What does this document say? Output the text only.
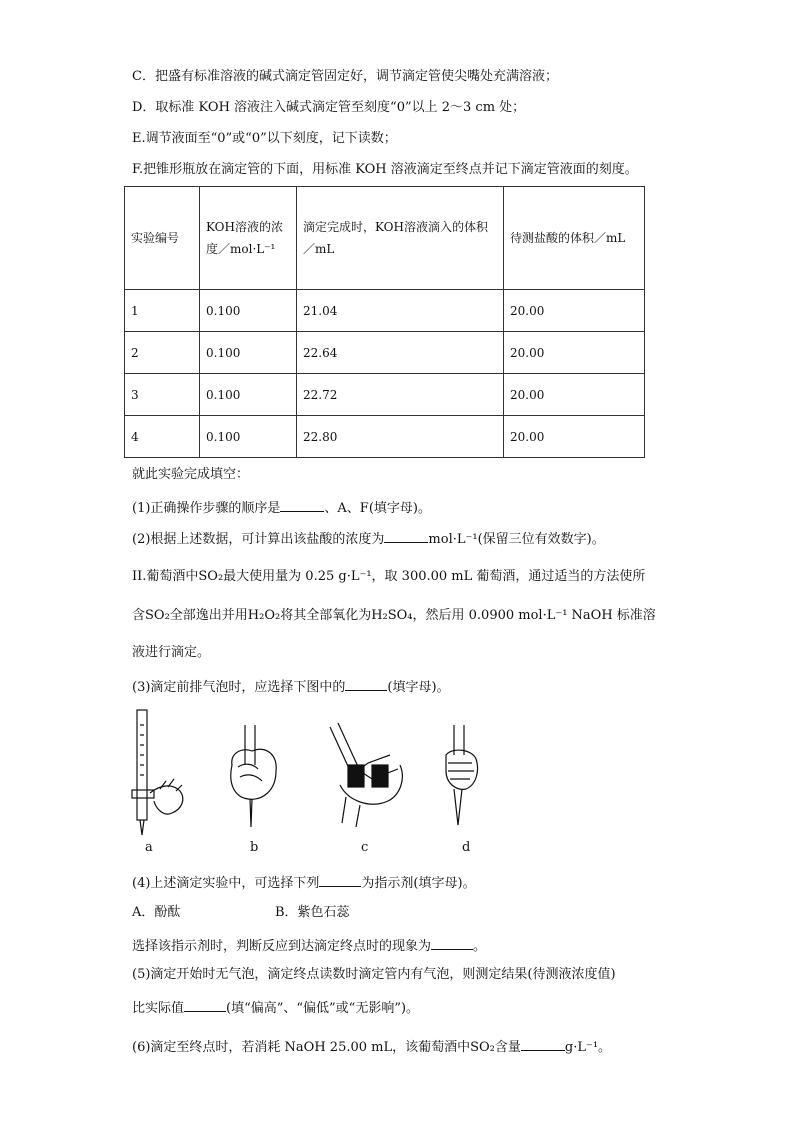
C．把盛有标准溶液的碱式滴定管固定好，调节滴定管使尖嘴处充满溶液；
D．取标准 KOH 溶液注入碱式滴定管至刻度“0”以上 2～3 cm 处；
E.调节液面至“0”或“0”以下刻度，记下读数；
F.把锥形瓶放在滴定管的下面，用标准 KOH 溶液滴定至终点并记下滴定管液面的刻度。
实验编号	KOH溶液的浓度／mol·L⁻¹	滴定完成时，KOH溶液滴入的体积／mL	待测盐酸的体积／mL
1	0.100	21.04	20.00
2	0.100	22.64	20.00
3	0.100	22.72	20.00
4	0.100	22.80	20.00
就此实验完成填空：
(1)正确操作步骤的顺序是	、A、F(填字母)。
(2)根据上述数据，可计算出该盐酸的浓度为	mol·L⁻¹(保留三位有效数字)。
II.葡萄酒中SO₂最大使用量为 0.25 g·L⁻¹，取 300.00 mL 葡萄酒，通过适当的方法使所
含SO₂全部逸出并用H₂O₂将其全部氧化为H₂SO₄，然后用 0.0900 mol·L⁻¹ NaOH 标准溶
液进行滴定。
(3)滴定前排气泡时，应选择下图中的	(填字母)。
a	b	c	d
(4)上述滴定实验中，可选择下列	为指示剂(填字母)。
A．酚酞	B．紫色石蕊
选择该指示剂时，判断反应到达滴定终点时的现象为	。
(5)滴定开始时无气泡，滴定终点读数时滴定管内有气泡，则测定结果(待测液浓度值)
比实际值	(填“偏高”、“偏低”或“无影响”)。
(6)滴定至终点时，若消耗 NaOH 25.00 mL，该葡萄酒中SO₂含量	g·L⁻¹。
